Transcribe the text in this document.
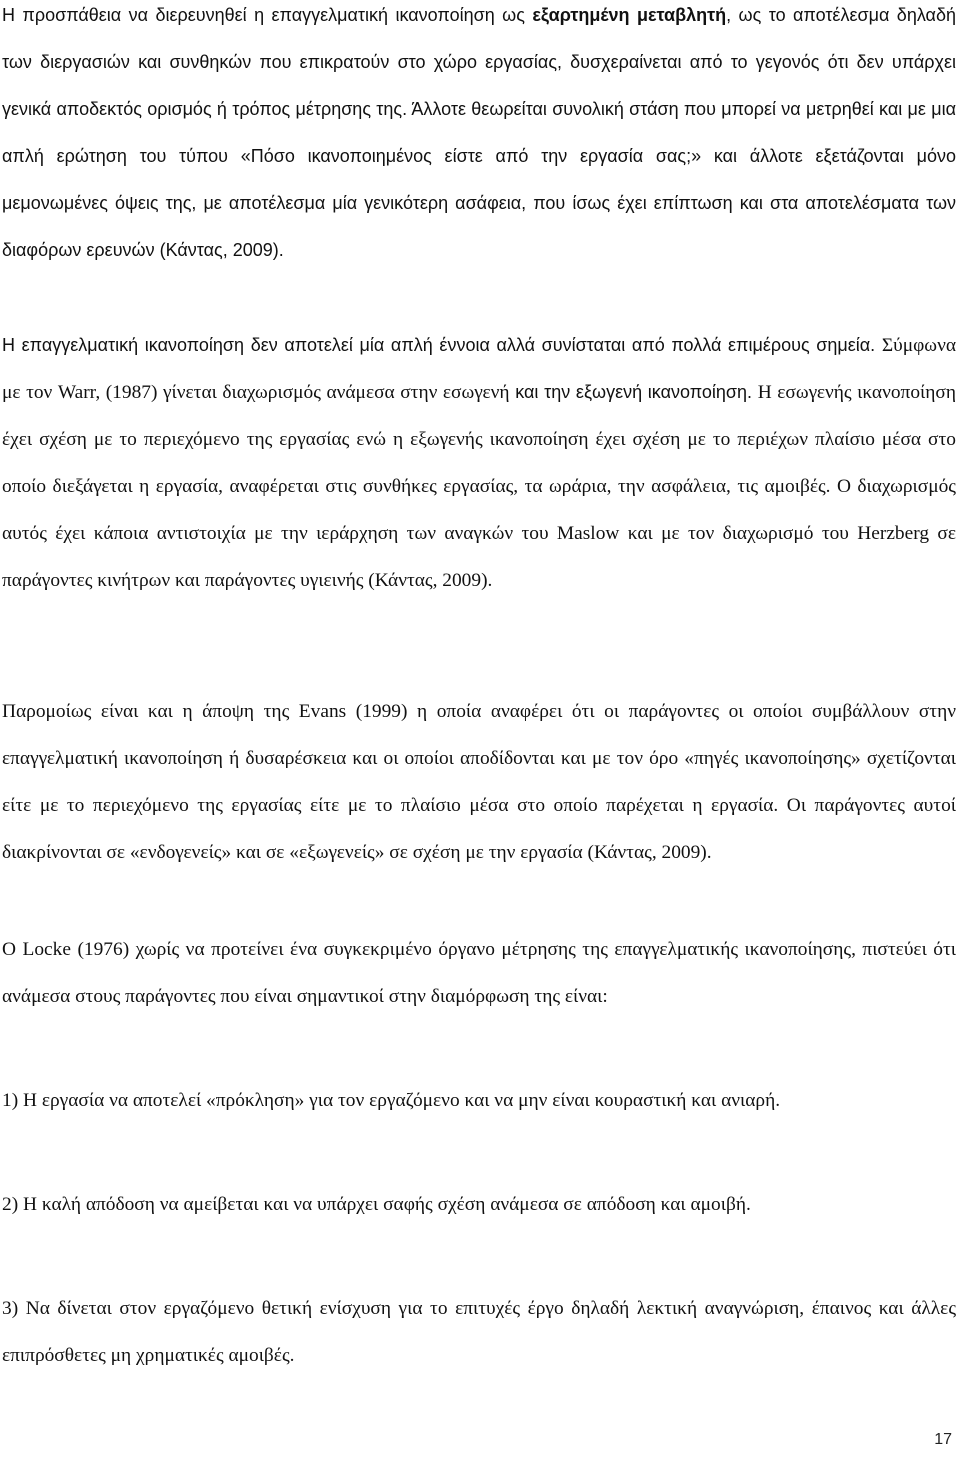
Η προσπάθεια να διερευνηθεί η επαγγελματική ικανοποίηση ως εξαρτημένη μεταβλητή, ως το αποτέλεσμα δηλαδή των διεργασιών και συνθηκών που επικρατούν στο χώρο εργασίας, δυσχεραίνεται από το γεγονός ότι δεν υπάρχει γενικά αποδεκτός ορισμός ή τρόπος μέτρησης της. Άλλοτε θεωρείται συνολική στάση που μπορεί να μετρηθεί και με μια απλή ερώτηση του τύπου «Πόσο ικανοποιημένος είστε από την εργασία σας;» και άλλοτε εξετάζονται μόνο μεμονωμένες όψεις της, με αποτέλεσμα μία γενικότερη ασάφεια, που ίσως έχει επίπτωση και στα αποτελέσματα των διαφόρων ερευνών (Κάντας, 2009).

Η επαγγελματική ικανοποίηση δεν αποτελεί μία απλή έννοια αλλά συνίσταται από πολλά επιμέρους σημεία. Σύμφωνα με τον Warr, (1987) γίνεται διαχωρισμός ανάμεσα στην εσωγενή και την εξωγενή ικανοποίηση. Η εσωγενής ικανοποίηση έχει σχέση με το περιεχόμενο της εργασίας ενώ η εξωγενής ικανοποίηση έχει σχέση με το περιέχων πλαίσιο μέσα στο οποίο διεξάγεται η εργασία, αναφέρεται στις συνθήκες εργασίας, τα ωράρια, την ασφάλεια, τις αμοιβές. Ο διαχωρισμός αυτός έχει κάποια αντιστοιχία με την ιεράρχηση των αναγκών του Maslow και με τον διαχωρισμό του Herzberg σε παράγοντες κινήτρων και παράγοντες υγιεινής (Κάντας, 2009).

Παρομοίως είναι και η άποψη της Evans (1999) η οποία αναφέρει ότι οι παράγοντες οι οποίοι συμβάλλουν στην επαγγελματική ικανοποίηση ή δυσαρέσκεια και οι οποίοι αποδίδονται και με τον όρο «πηγές ικανοποίησης» σχετίζονται είτε με το περιεχόμενο της εργασίας είτε με το πλαίσιο μέσα στο οποίο παρέχεται η εργασία. Οι παράγοντες αυτοί διακρίνονται σε «ενδογενείς» και σε «εξωγενείς» σε σχέση με την εργασία (Κάντας, 2009).

Ο Locke (1976) χωρίς να προτείνει ένα συγκεκριμένο όργανο μέτρησης της επαγγελματικής ικανοποίησης, πιστεύει ότι ανάμεσα στους παράγοντες που είναι σημαντικοί στην διαμόρφωση της είναι:

1) Η εργασία να αποτελεί «πρόκληση» για τον εργαζόμενο και να μην είναι κουραστική και ανιαρή.

2) Η καλή απόδοση να αμείβεται και να υπάρχει σαφής σχέση ανάμεσα σε απόδοση και αμοιβή.

3) Να δίνεται στον εργαζόμενο θετική ενίσχυση για το επιτυχές έργο δηλαδή λεκτική αναγνώριση, έπαινος και άλλες επιπρόσθετες μη χρηματικές αμοιβές.

17
